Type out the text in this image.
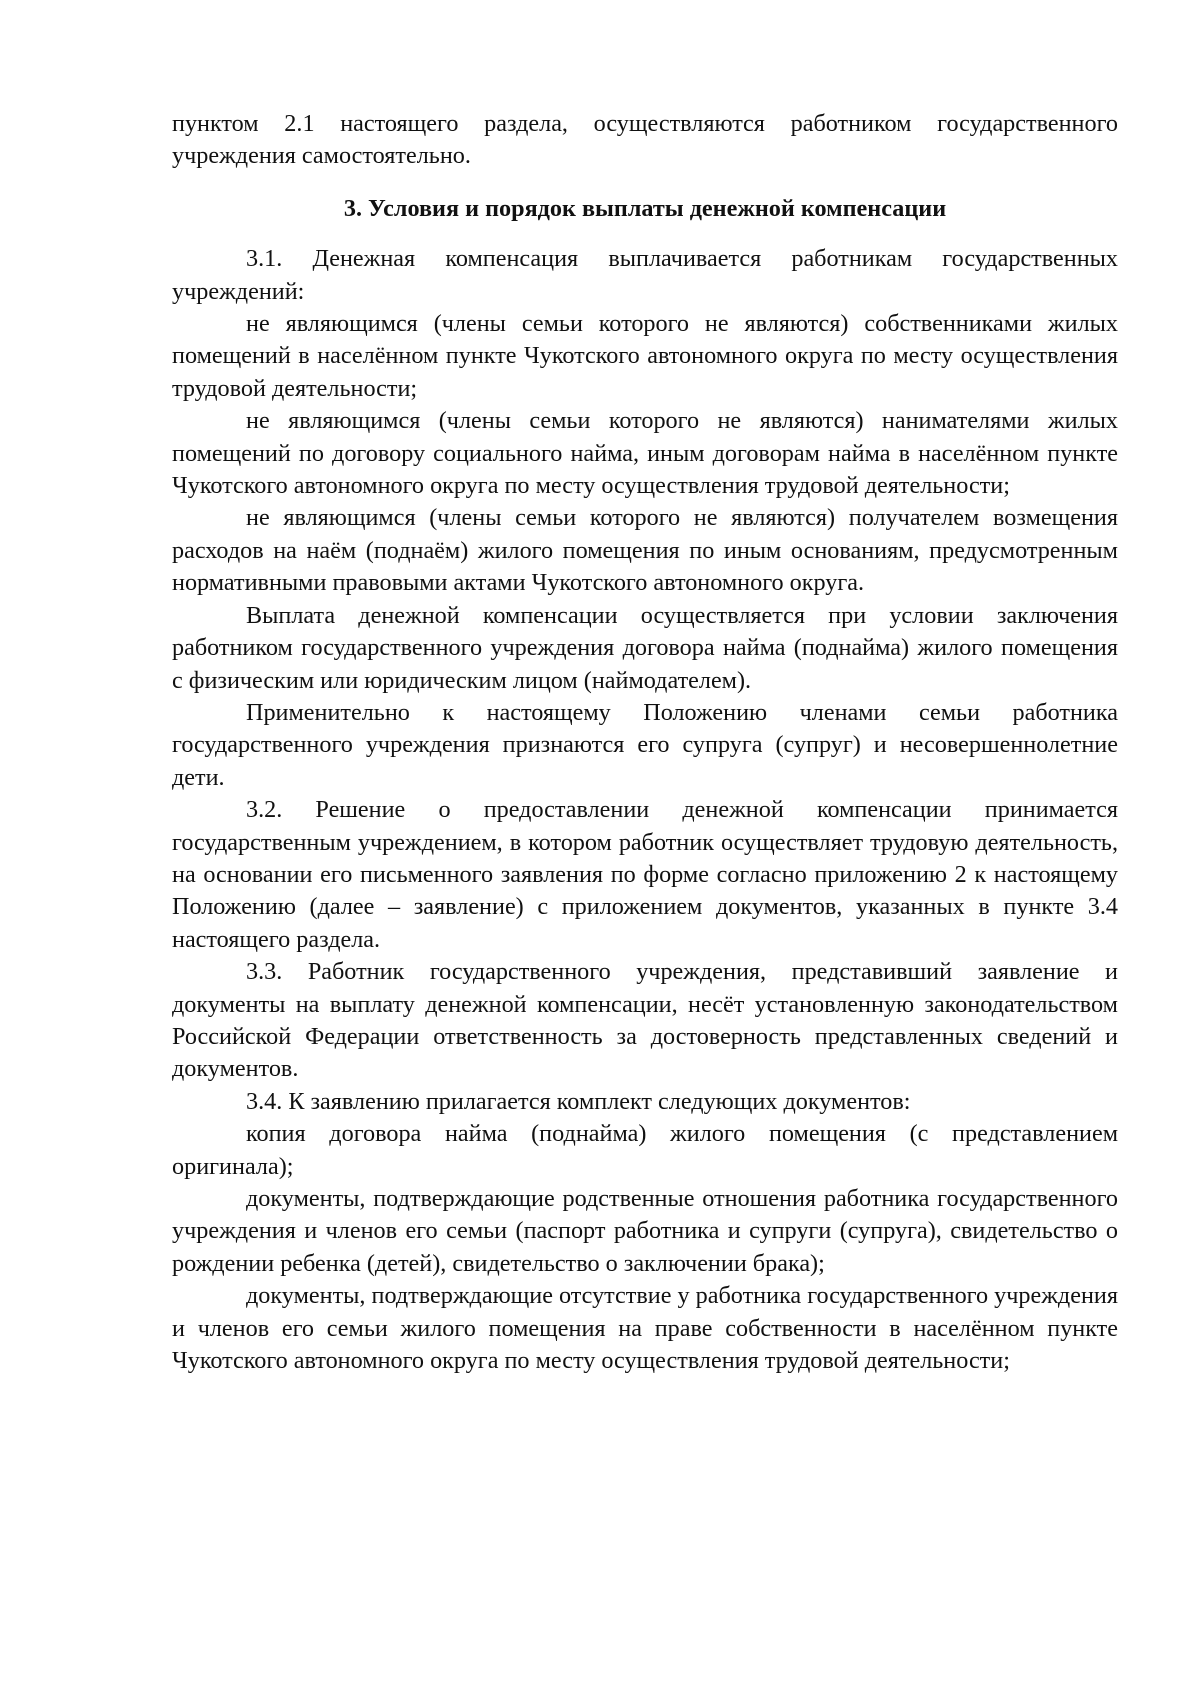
пунктом 2.1 настоящего раздела, осуществляются работником государственного учреждения самостоятельно.

3. Условия и порядок выплаты денежной компенсации

3.1. Денежная компенсация выплачивается работникам государственных учреждений:

не являющимся (члены семьи которого не являются) собственниками жилых помещений в населённом пункте Чукотского автономного округа по месту осуществления трудовой деятельности;

не являющимся (члены семьи которого не являются) нанимателями жилых помещений по договору социального найма, иным договорам найма в населённом пункте Чукотского автономного округа по месту осуществления трудовой деятельности;

не являющимся (члены семьи которого не являются) получателем возмещения расходов на наём (поднаём) жилого помещения по иным основаниям, предусмотренным нормативными правовыми актами Чукотского автономного округа.

Выплата денежной компенсации осуществляется при условии заключения работником государственного учреждения договора найма (поднайма) жилого помещения с физическим или юридическим лицом (наймодателем).

Применительно к настоящему Положению членами семьи работника государственного учреждения признаются его супруга (супруг) и несовершеннолетние дети.

3.2. Решение о предоставлении денежной компенсации принимается государственным учреждением, в котором работник осуществляет трудовую деятельность, на основании его письменного заявления по форме согласно приложению 2 к настоящему Положению (далее – заявление) с приложением документов, указанных в пункте 3.4 настоящего раздела.

3.3. Работник государственного учреждения, представивший заявление и документы на выплату денежной компенсации, несёт установленную законодательством Российской Федерации ответственность за достоверность представленных сведений и документов.

3.4. К заявлению прилагается комплект следующих документов:

копия договора найма (поднайма) жилого помещения (с представлением оригинала);

документы, подтверждающие родственные отношения работника государственного учреждения и членов его семьи (паспорт работника и супруги (супруга), свидетельство о рождении ребенка (детей), свидетельство о заключении брака);

документы, подтверждающие отсутствие у работника государственного учреждения и членов его семьи жилого помещения на праве собственности в населённом пункте Чукотского автономного округа по месту осуществления трудовой деятельности;
